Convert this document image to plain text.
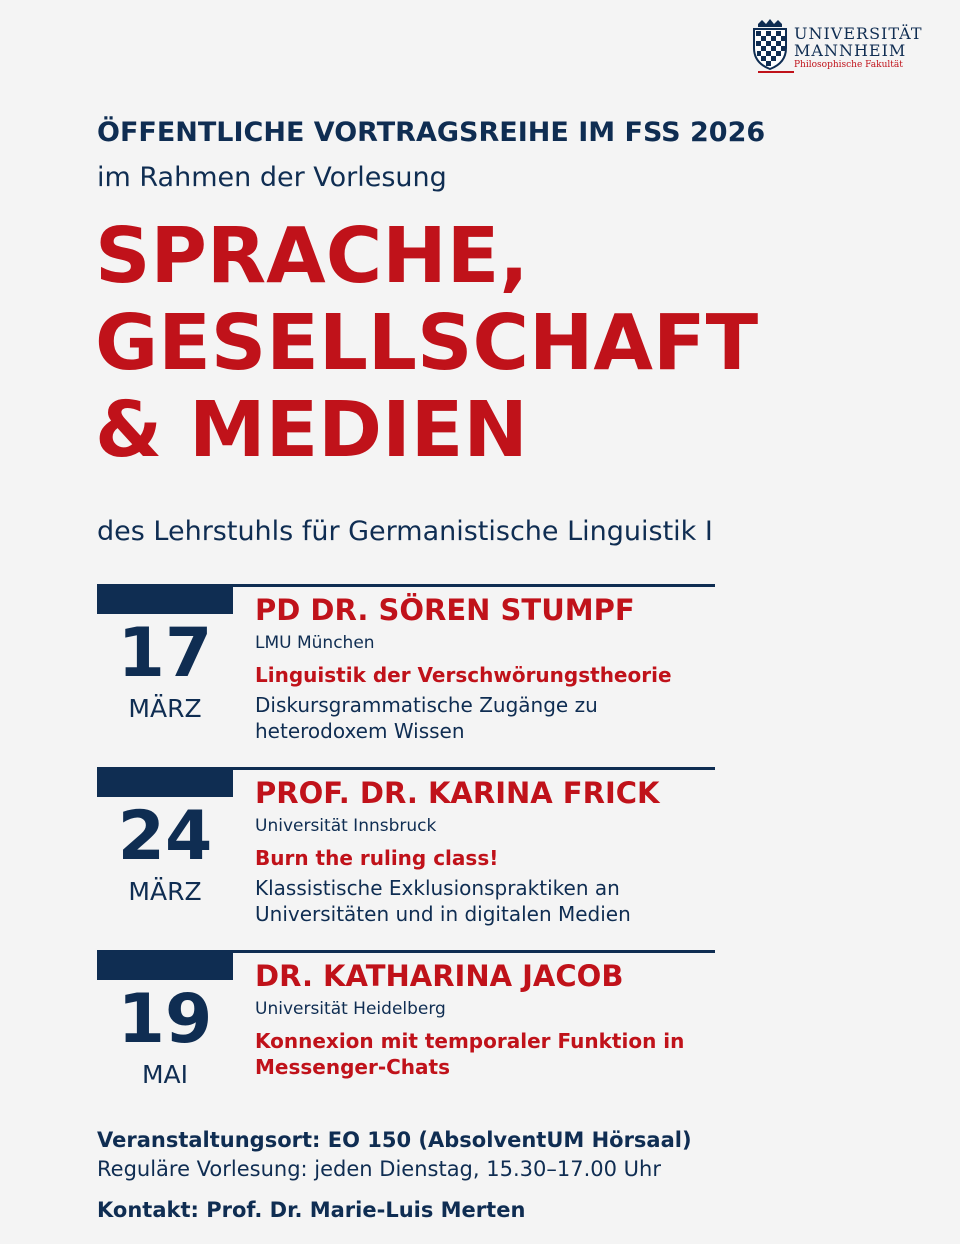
UNIVERSITÄT
MANNHEIM
Philosophische Fakultät
ÖFFENTLICHE VORTRAGSREIHE IM FSS 2026
im Rahmen der Vorlesung
SPRACHE,
GESELLSCHAFT
& MEDIEN
des Lehrstuhls für Germanistische Linguistik I
17
MÄRZ
PD DR. SÖREN STUMPF
LMU München
Linguistik der Verschwörungstheorie
Diskursgrammatische Zugänge zu heterodoxem Wissen
24
MÄRZ
PROF. DR. KARINA FRICK
Universität Innsbruck
Burn the ruling class!
Klassistische Exklusionspraktiken an Universitäten und in digitalen Medien
19
MAI
DR. KATHARINA JACOB
Universität Heidelberg
Konnexion mit temporaler Funktion in Messenger-Chats
Veranstaltungsort: EO 150 (AbsolventUM Hörsaal)
Reguläre Vorlesung: jeden Dienstag, 15.30–17.00 Uhr
Kontakt: Prof. Dr. Marie-Luis Merten
